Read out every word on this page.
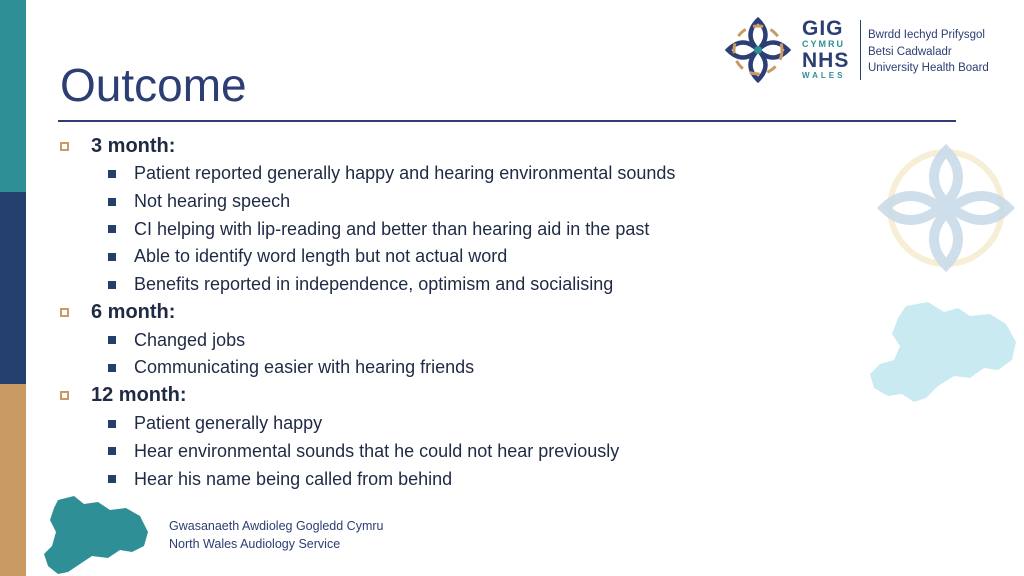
Outcome
GIG
CYMRU
NHS
WALES
Bwrdd Iechyd Prifysgol
Betsi Cadwaladr
University Health Board
3 month:
Patient reported generally happy and hearing environmental sounds
Not hearing speech
CI helping with lip-reading and better than hearing aid in the past
Able to identify word length but not actual word
Benefits reported in independence, optimism and socialising
6 month:
Changed jobs
Communicating easier with hearing friends
12 month:
Patient generally happy
Hear environmental sounds that he could not hear previously
Hear his name being called from behind
Gwasanaeth Awdioleg Gogledd Cymru
North Wales Audiology Service
